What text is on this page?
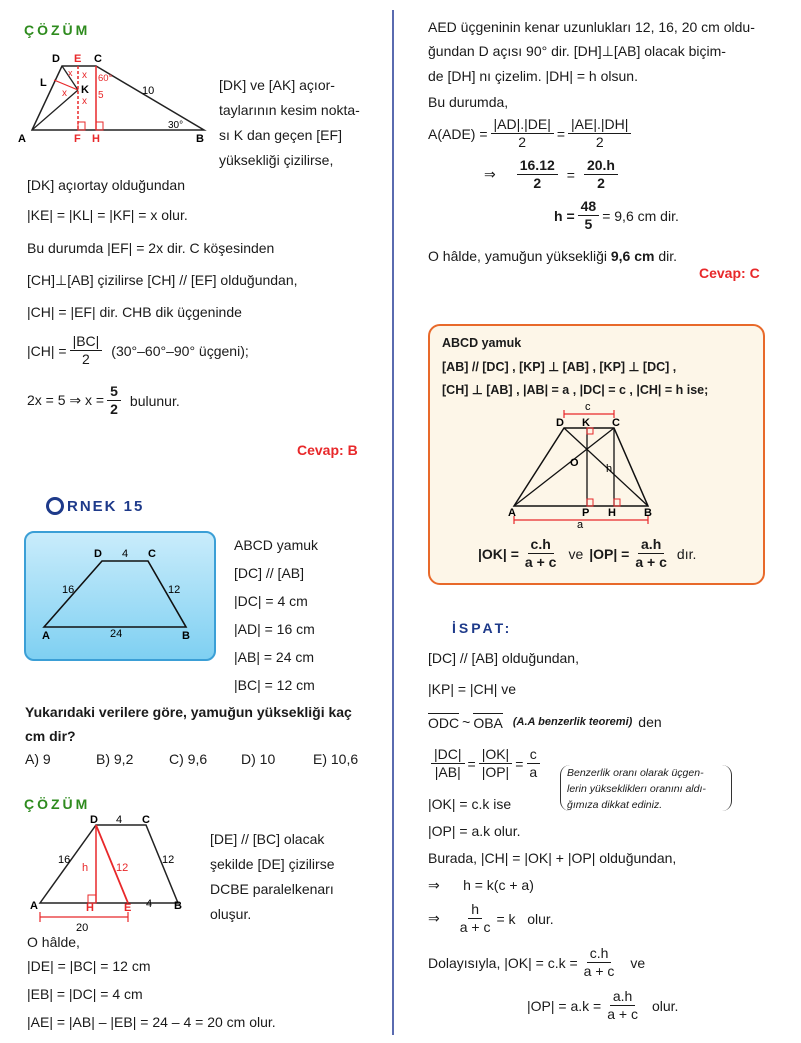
ÇÖZÜM
D E C
L
K
A	F H	B
x
x
x
x	60°
5	10
30°
[DK] ve [AK] açıor-
taylarının kesim nokta-
sı K dan geçen [EF]
yüksekliği çizilirse,
[DK] açıortay olduğundan
|KE| = |KL| = |KF| = x olur.
Bu durumda |EF| = 2x dir. C köşesinden
[CH]⊥[AB] çizilirse [CH] // [EF] olduğundan,
|CH| = |EF| dir. CHB dik üçgeninde
$|CH| = \frac{|BC|}{2} (30^\circ-60^\circ-90^\circ$ üçgeni);
2x = 5 ⇒ $x = \frac{5}{2}$ bulunur.
Cevap: B
RNEK 15
D	C
4
16	12
24
A	B
ABCD yamuk
[DC] // [AB]
|DC| = 4 cm
|AD| = 16 cm
|AB| = 24 cm
|BC| = 12 cm
Yukarıdaki verilere göre, yamuğun yüksekliği kaç
cm dir?
A) 9	B) 9,2	C) 9,6 D) 10	E) 10,6
ÇÖZÜM
D	C
4
16
h	12
12
4
A	H	E	B
20
[DE] // [BC] olacak
şekilde [DE] çizilirse
DCBE paralelkenarı
oluşur.
O hâlde,
|DE| = |BC| = 12 cm
|EB| = |DC| = 4 cm
|AE| = |AB| – |EB| = 24 – 4 = 20 cm olur.
AED üçgeninin kenar uzunlukları 12, 16, 20 cm oldu-
ğundan D açısı 90° dir. [DH]⊥[AB] olacak biçim-
de [DH] nı çizelim. |DH| = h olsun.
Bu durumda,
$A(ADE) = \frac{|AD|.|DE|}{2} = \frac{|AE|.|DH|}{2}$
⇒ $\frac{16.12}{2} = \frac{20.h}{2}$
$h = \frac{48}{5} = 9,6$ cm dir.
O hâlde, yamuğun yüksekliği 9,6 cm dir.
Cevap: C
ABCD yamuk
[AB] // [DC] , [KP] ⊥ [AB] , [KP] ⊥ [DC] ,
[CH] ⊥ [AB] , |AB| = a , |DC| = c , |CH| = h ise;
c
D K C
O h
A	P H	B
a
$|OK| = \frac{c.h}{a + c}$ ve $|OP| = \frac{a.h}{a + c}$ dır.
İSPAT:
[DC] // [AB] olduğundan,
|KP| = |CH| ve
ODC ~ OBA (A.A benzerlik teoremi) den
$\frac{|DC|}{|AB|} = \frac{|OK|}{|OP|} = \frac{c}{a}$	Benzerlik oranı olarak üçgen-
lerin yüksekliklerı oranını aldı-
ğımıza dikkat ediniz.
|OK| = c.k ise
|OP| = a.k olur.
Burada, |CH| = |OK| + |OP| olduğundan,
⇒      h = k(c + a)
⇒ $\frac{h}{a + c} = k$   olur.
Dolayısıyla, $|OK| = c.k = \frac{c.h}{a + c}$ ve
$|OP| = a.k = \frac{a.h}{a + c}$ olur.
